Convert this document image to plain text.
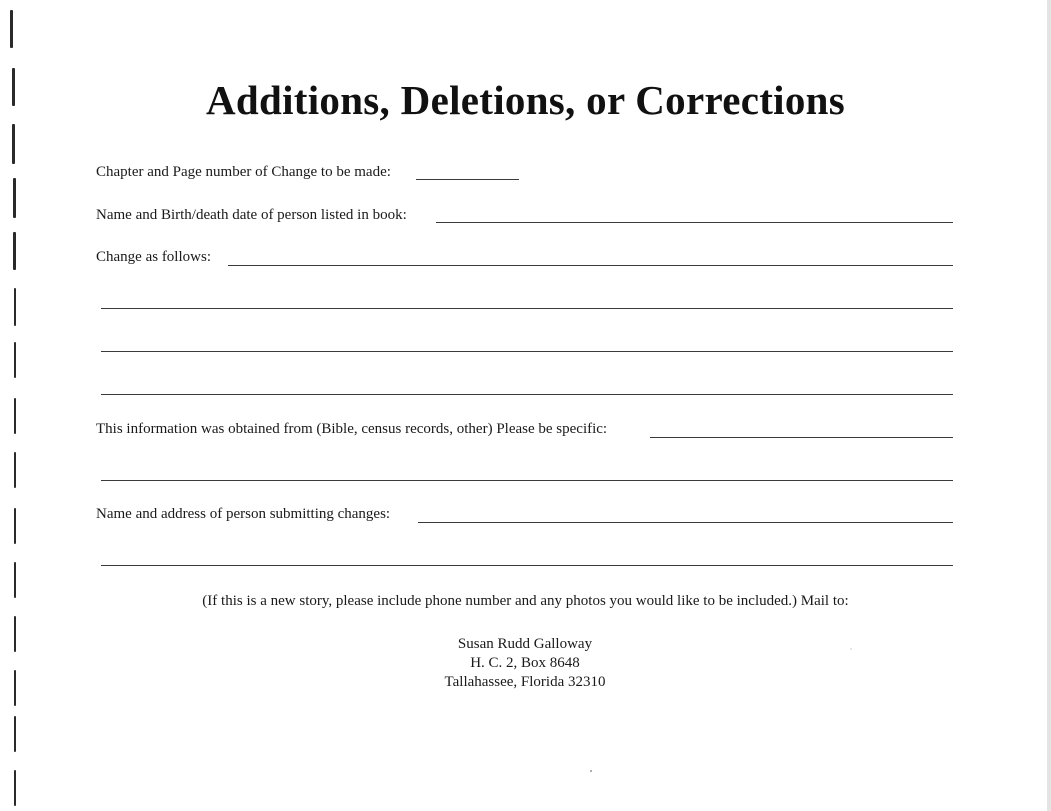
Additions, Deletions, or Corrections
Chapter and Page number of Change to be made:
Name and Birth/death date of person listed in book:
Change as follows:
This information was obtained from (Bible, census records, other) Please be specific:
Name and address of person submitting changes:
(If this is a new story, please include phone number and any photos you would like to be included.) Mail to:
Susan Rudd Galloway
H. C. 2, Box 8648
Tallahassee, Florida 32310
